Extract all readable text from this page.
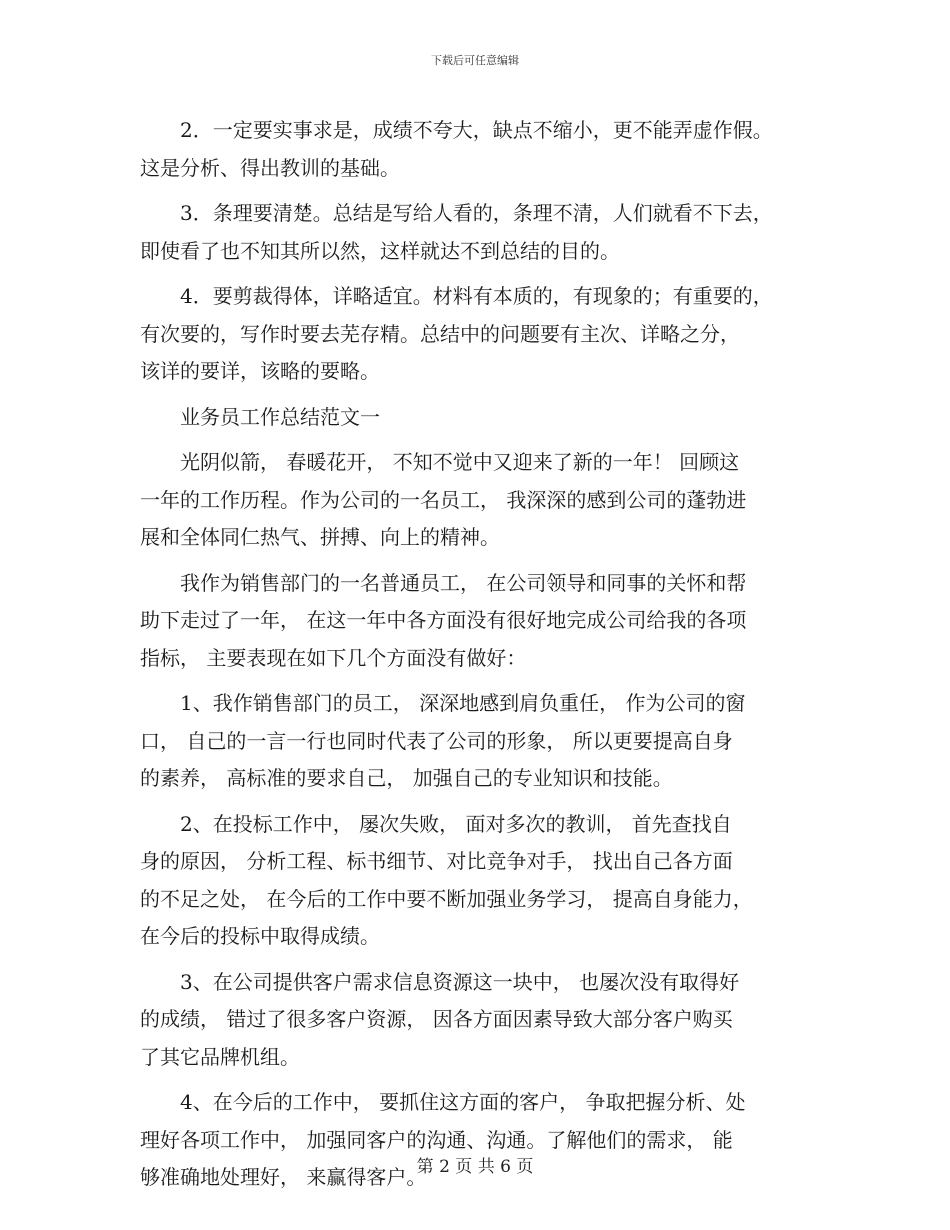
下载后可任意编辑
　　2．一定要实事求是，成绩不夸大，缺点不缩小，更不能弄虚作假。
这是分析、得出教训的基础。
　　3．条理要清楚。总结是写给人看的，条理不清，人们就看不下去，
即使看了也不知其所以然，这样就达不到总结的目的。
　　4．要剪裁得体，详略适宜。材料有本质的，有现象的；有重要的，
有次要的，写作时要去芜存精。总结中的问题要有主次、详略之分，
该详的要详，该略的要略。
　　业务员工作总结范文一
　　光阴似箭， 春暖花开， 不知不觉中又迎来了新的一年！ 回顾这
一年的工作历程。作为公司的一名员工， 我深深的感到公司的蓬勃进
展和全体同仁热气、拼搏、向上的精神。
　　我作为销售部门的一名普通员工， 在公司领导和同事的关怀和帮
助下走过了一年， 在这一年中各方面没有很好地完成公司给我的各项
指标， 主要表现在如下几个方面没有做好：
　　1、我作销售部门的员工， 深深地感到肩负重任， 作为公司的窗
口， 自己的一言一行也同时代表了公司的形象， 所以更要提高自身
的素养， 高标准的要求自己， 加强自己的专业知识和技能。
　　2、在投标工作中， 屡次失败， 面对多次的教训， 首先查找自
身的原因， 分析工程、标书细节、对比竞争对手， 找出自己各方面
的不足之处， 在今后的工作中要不断加强业务学习， 提高自身能力，
在今后的投标中取得成绩。
　　3、在公司提供客户需求信息资源这一块中， 也屡次没有取得好
的成绩， 错过了很多客户资源， 因各方面因素导致大部分客户购买
了其它品牌机组。
　　4、在今后的工作中， 要抓住这方面的客户， 争取把握分析、处
理好各项工作中， 加强同客户的沟通、沟通。了解他们的需求， 能
够准确地处理好， 来赢得客户。
第 2 页 共 6 页
